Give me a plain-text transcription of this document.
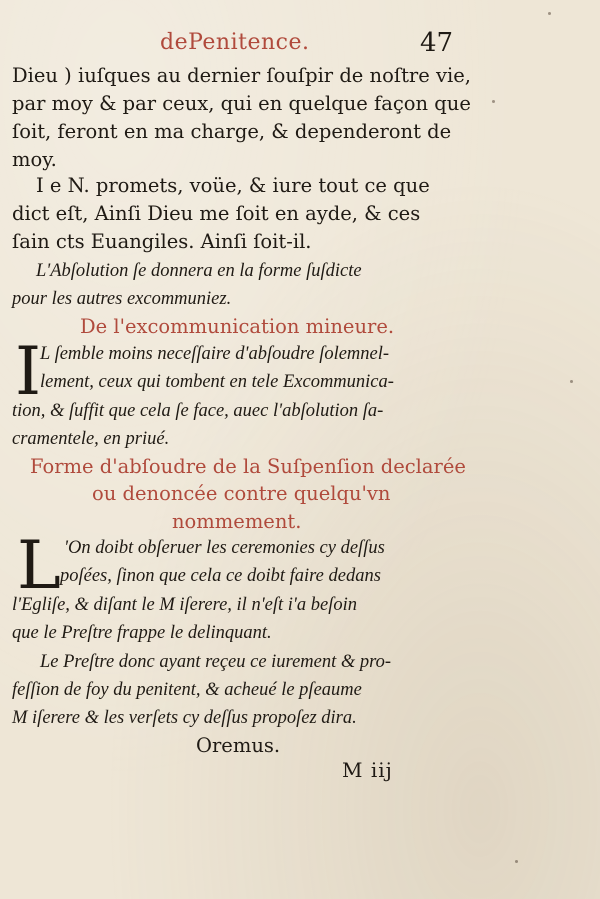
dePenitence.	47
Dieu ) iuſques au dernier ſouſpir de noſtre vie,
par moy & par ceux, qui en quelque façon que
ſoit, feront en ma charge, & dependeront de
moy.
I e N. promets, voüe, & iure tout ce que
dict eſt, Ainſi Dieu me ſoit en ayde, & ces
ſain cts Euangiles. Ainſi ſoit-il.
L'Abſolution ſe donnera en la forme ſuſdicte
pour les autres excommuniez.
De l'excommunication mineure.
I
L ſemble moins neceſſaire d'abſoudre ſolemnel-
lement, ceux qui tombent en tele Excommunica-
tion, & ſuffit que cela ſe face, auec l'abſolution ſa-
cramentele, en priué.
Forme d'abſoudre de la Suſpenſion declarée
ou denoncée contre quelqu'vn
nommement.
L 'On doibt obſeruer les ceremonies cy deſſus
poſées, ſinon que cela ce doibt faire dedans
l'Egliſe, & diſant le M iſerere, il n'eſt i'a beſoin
que le Preſtre frappe le delinquant.
Le Preſtre donc ayant reçeu ce iurement & pro-
feſſion de foy du penitent, & acheué le pſeaume
M iſerere & les verſets cy deſſus propoſez dira.
Oremus.
M iij
